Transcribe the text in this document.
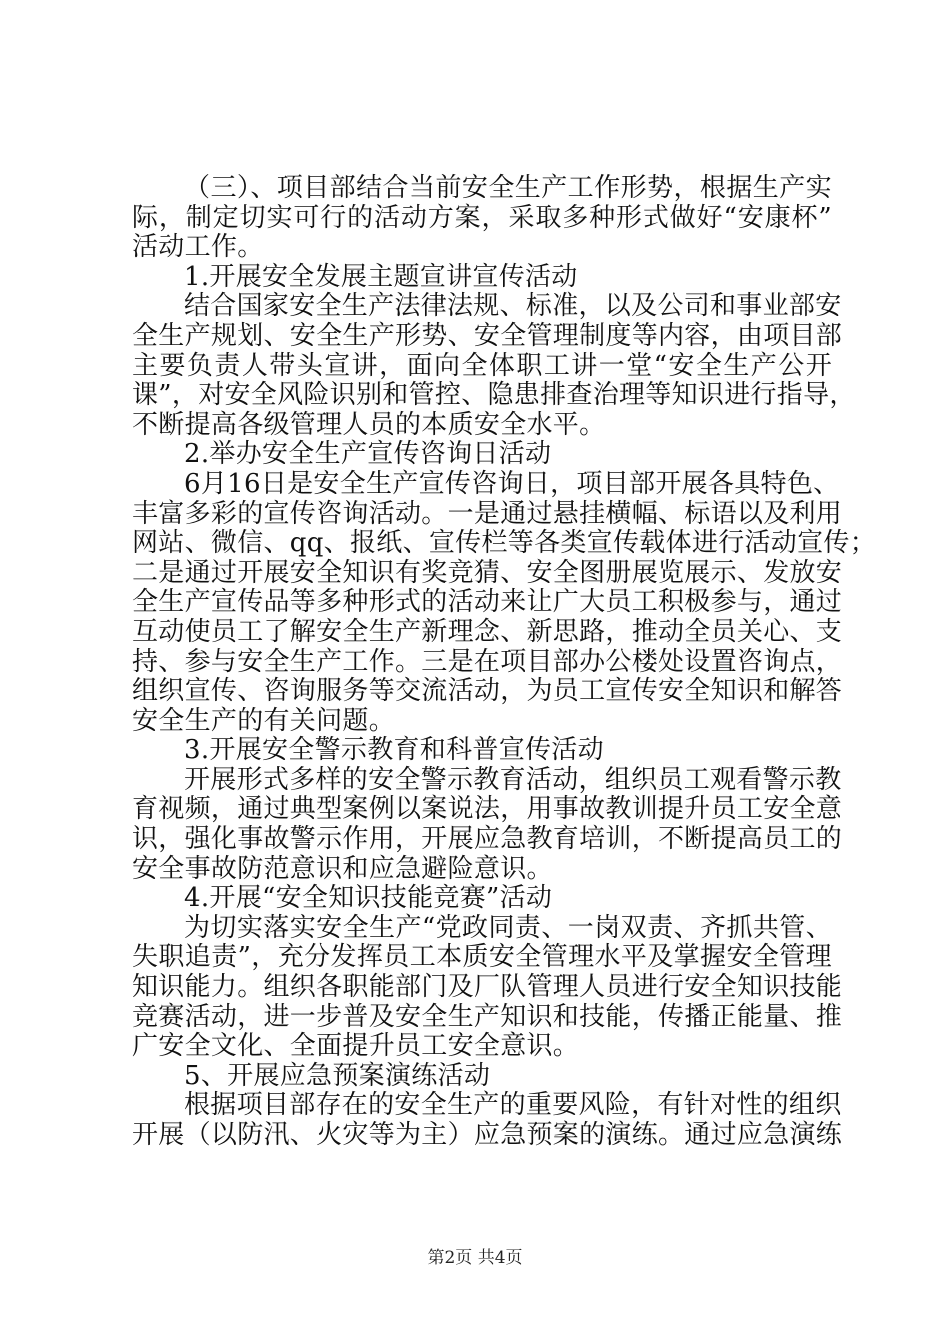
（三）、项目部结合当前安全生产工作形势，根据生产实
际，制定切实可行的活动方案，采取多种形式做好“安康杯”
活动工作。
1.开展安全发展主题宣讲宣传活动
结合国家安全生产法律法规、标准，以及公司和事业部安
全生产规划、安全生产形势、安全管理制度等内容，由项目部
主要负责人带头宣讲，面向全体职工讲一堂“安全生产公开
课”，对安全风险识别和管控、隐患排查治理等知识进行指导，
不断提高各级管理人员的本质安全水平。
2.举办安全生产宣传咨询日活动
6月16日是安全生产宣传咨询日，项目部开展各具特色、
丰富多彩的宣传咨询活动。一是通过悬挂横幅、标语以及利用
网站、微信、qq、报纸、宣传栏等各类宣传载体进行活动宣传；
二是通过开展安全知识有奖竞猜、安全图册展览展示、发放安
全生产宣传品等多种形式的活动来让广大员工积极参与，通过
互动使员工了解安全生产新理念、新思路，推动全员关心、支
持、参与安全生产工作。三是在项目部办公楼处设置咨询点，
组织宣传、咨询服务等交流活动，为员工宣传安全知识和解答
安全生产的有关问题。
3.开展安全警示教育和科普宣传活动
开展形式多样的安全警示教育活动，组织员工观看警示教
育视频，通过典型案例以案说法，用事故教训提升员工安全意
识，强化事故警示作用，开展应急教育培训，不断提高员工的
安全事故防范意识和应急避险意识。
4.开展“安全知识技能竞赛”活动
为切实落实安全生产“党政同责、一岗双责、齐抓共管、
失职追责”，充分发挥员工本质安全管理水平及掌握安全管理
知识能力。组织各职能部门及厂队管理人员进行安全知识技能
竞赛活动，进一步普及安全生产知识和技能，传播正能量、推
广安全文化、全面提升员工安全意识。
5、开展应急预案演练活动
根据项目部存在的安全生产的重要风险，有针对性的组织
开展（以防汛、火灾等为主）应急预案的演练。通过应急演练
第2页 共4页
